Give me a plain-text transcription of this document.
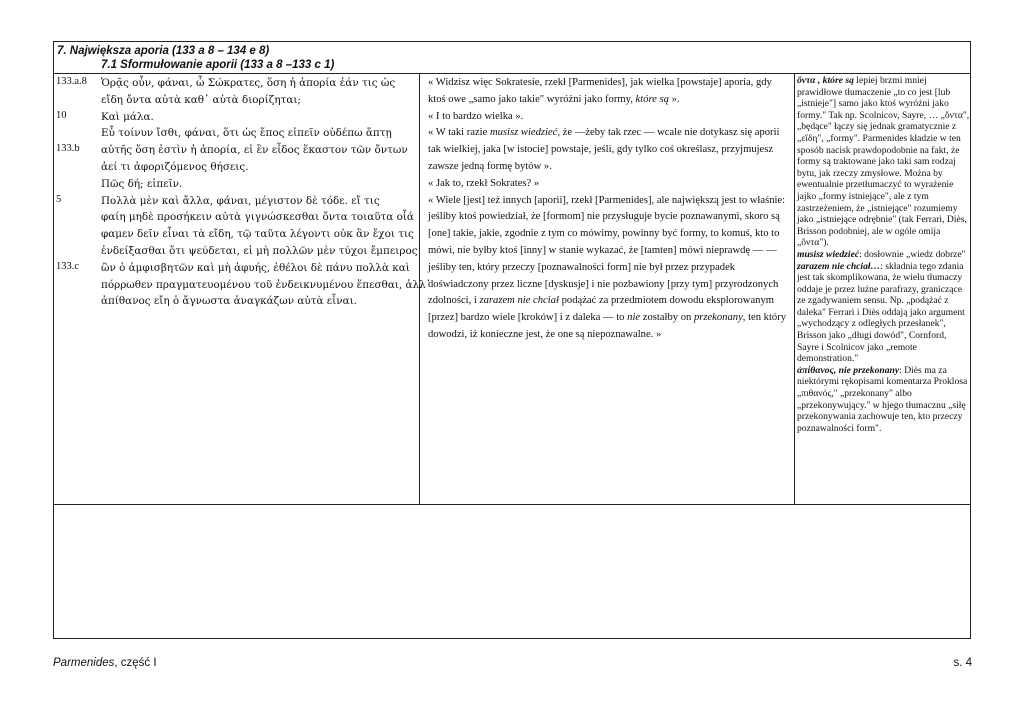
7. Największa aporia (133 a 8 – 134 e 8)
7.1 Sformułowanie aporii (133 a 8 –133 c 1)
133.a.8
10
133.b
5
133.c
Ὁρᾷς οὖν, φάναι, ὦ Σώκρατες, ὅση ἡ ἀπορία ἐάν τις ὡς
εἴδη ὄντα αὐτὰ καθ᾽ αὑτὰ διορίζηται;
Καὶ μάλα.
Εὖ τοίνυν ἴσθι, φάναι, ὅτι ὡς ἔπος εἰπεῖν οὐδέπω ἅπτῃ
αὐτῆς ὅση ἐστὶν ἡ ἀπορία, εἰ ἓν εἶδος ἕκαστον τῶν ὄντων
ἀεί τι ἀφοριζόμενος θήσεις.
Πῶς δή; εἰπεῖν.
Πολλὰ μὲν καὶ ἄλλα, φάναι, μέγιστον δὲ τόδε. εἴ τις
φαίη μηδὲ προσήκειν αὐτὰ γιγνώσκεσθαι ὄντα τοιαῦτα οἷά
φαμεν δεῖν εἶναι τὰ εἴδη, τῷ ταῦτα λέγοντι οὐκ ἂν ἔχοι τις
ἐνδείξασθαι ὅτι ψεύδεται, εἰ μὴ πολλῶν μὲν τύχοι ἔμπειρος
ὢν ὁ ἀμφισβητῶν καὶ μὴ ἀφυής, ἐθέλοι δὲ πάνυ πολλὰ καὶ
πόρρωθεν πραγματευομένου τοῦ ἐνδεικνυμένου ἕπεσθαι, ἀλλ᾽
ἀπίθανος εἴη ὁ ἄγνωστα ἀναγκάζων αὐτὰ εἶναι.

« Widzisz więc Sokratesie, rzekł [Parmenides], jak wielka [powstaje] aporia, gdy ktoś owe „samo jako takie" wyróżni jako formy, które są ».

« I to bardzo wielka ».

« W taki razie musisz wiedzieć, że —żeby tak rzec — wcale nie dotykasz się aporii tak wielkiej, jaka [w istocie] powstaje, jeśli, gdy tylko coś określasz, przyjmujesz zawsze jedną formę bytów ».

« Jak to, rzekł Sokrates? »

« Wiele [jest] też innych [aporii], rzekł [Parmenides], ale największą jest to właśnie: jeśliby ktoś powiedział, że [formom] nie przysługuje bycie poznawanymi, skoro są [one] takie, jakie, zgodnie z tym co mówimy, powinny być formy, to komuś, kto to mówi, nie byłby ktoś [inny] w stanie wykazać, że [tamten] mówi nieprawdę — — jeśliby ten, który przeczy [poznawalności form] nie był przez przypadek doświadczony przez liczne [dyskusje] i nie pozbawiony [przy tym] przyrodzonych zdolności, i zarazem nie chciał podążać za przedmiotem dowodu eksplorowanym [przez] bardzo wiele [kroków] i z daleka — to nie zostałby on przekonany, ten który dowodzi, iż konieczne jest, że one są niepoznawalne. »

ὄντα , które są lepiej brzmi mniej prawidłowe tłumaczenie „to co jest [lub „istnieje"] samo jako ktoś wyróżni jako formy." Tak np. Scolnicov, Sayre, … „ὄντα", „będące" łączy się jednak gramatycznie z „εἴδη", „formy". Parmenides kładzie w ten sposób nacisk prawdopodobnie na fakt, że formy są traktowane jako taki sam rodzaj bytu, jak rzeczy zmysłowe. Można by ewentualnie przetłumaczyć to wyrażenie jajko „formy istniejące", ale z tym zastrzeżeniem, że „istniejące" rozumiemy jako „istniejące odrębnie" (tak Ferrari, Diès, Brisson podobniej, ale w ogóle omija „ὄντα").

musisz wiedzieć: dosłownie „wiedz dobrze"

zarazem nie chciał…: składnia tego zdania jest tak skomplikowana, że wielu tłumaczy oddaje je przez luźne parafrazy, graniczące ze zgadywaniem sensu. Np. „podążać z daleka" Ferrari i Diès oddają jako argument „wychodzący z odległych przesłanek", Brisson jako „długi dowód", Cornford, Sayre i Scolnicov jako „remote demonstration."

ἀπίθανος, nie przekonany: Diès ma za niektórymi rękopisami komentarza Proklosa „πιθανός," „przekonany" albo „przekonywujący." w hjego tłumacznu „siłę przekonywania zachowuje ten, kto przeczy poznawalności form".

Parmenides, część I	s. 4
